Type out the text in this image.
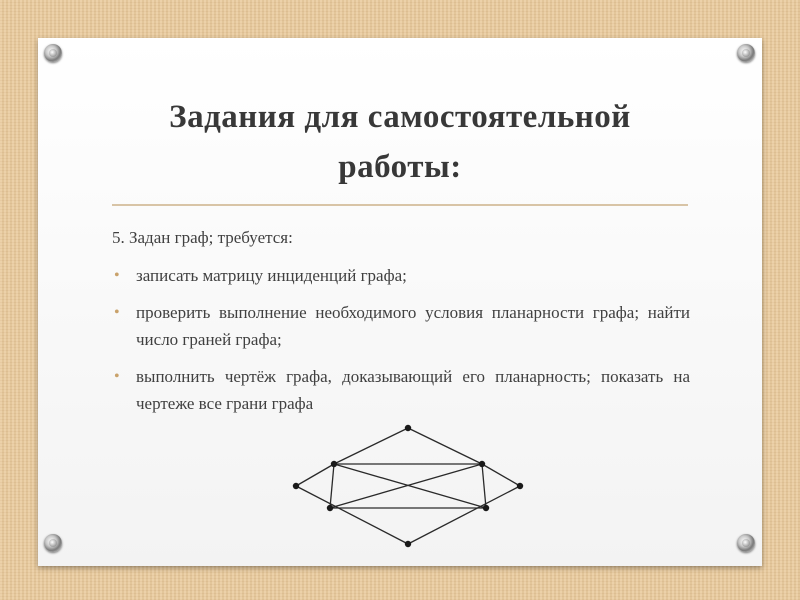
Задания для самостоятельной
работы:
5. Задан граф; требуется:
• записать матрицу инциденций графа;
• проверить выполнение необходимого условия планарности графа; найти число граней графа;
• выполнить чертёж графа, доказывающий его планарность; показать на чертеже все грани графа
